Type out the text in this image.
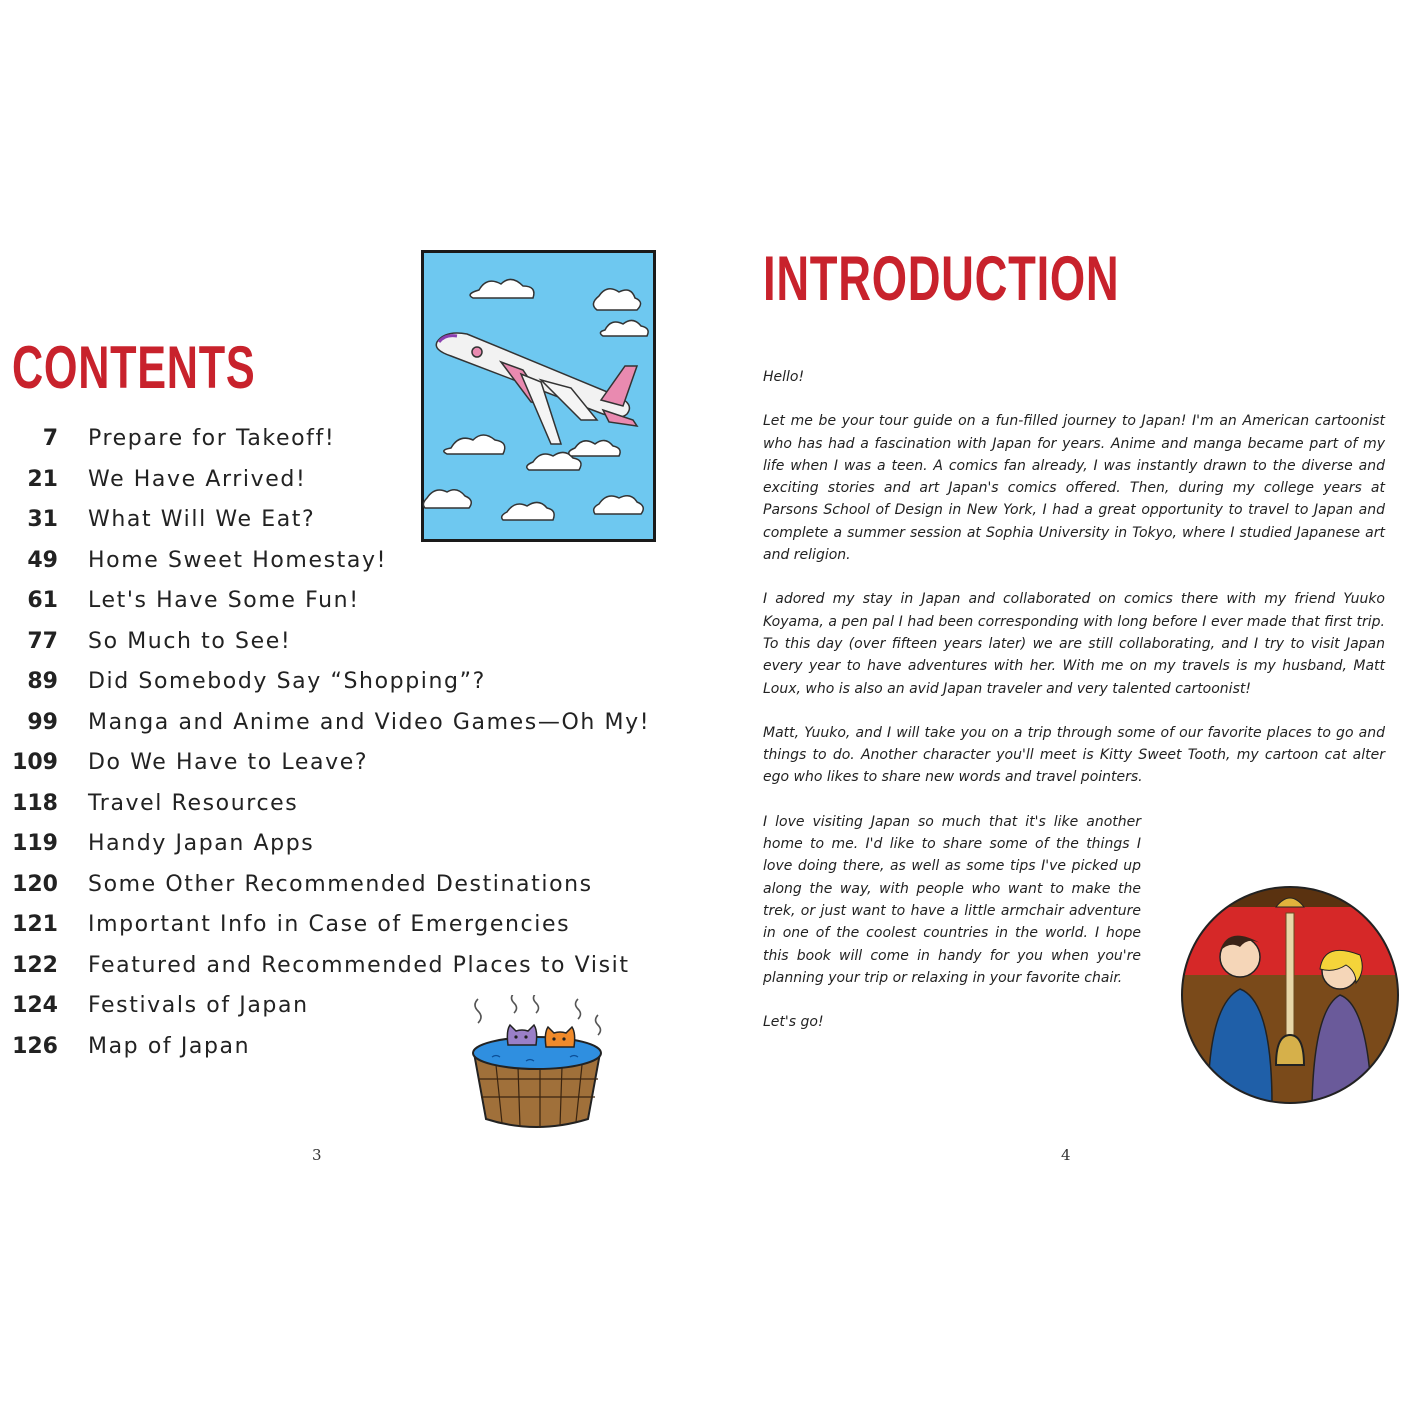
CONTENTS
7 Prepare for Takeoff!
21 We Have Arrived!
31 What Will We Eat?
49 Home Sweet Homestay!
61 Let's Have Some Fun!
77 So Much to See!
89 Did Somebody Say “Shopping”?
99 Manga and Anime and Video Games—Oh My!
109 Do We Have to Leave?
118 Travel Resources
119 Handy Japan Apps
120 Some Other Recommended Destinations
121 Important Info in Case of Emergencies
122 Featured and Recommended Places to Visit
124 Festivals of Japan
126 Map of Japan
3
INTRODUCTION

Hello!

Let me be your tour guide on a fun-filled journey to Japan! I'm an American cartoonist who has had a fascination with Japan for years. Anime and manga became part of my life when I was a teen. A comics fan already, I was instantly drawn to the diverse and exciting stories and art Japan's comics offered. Then, during my college years at Parsons School of Design in New York, I had a great opportunity to travel to Japan and complete a summer session at Sophia University in Tokyo, where I studied Japanese art and religion.

I adored my stay in Japan and collaborated on comics there with my friend Yuuko Koyama, a pen pal I had been corresponding with long before I ever made that first trip. To this day (over fifteen years later) we are still collaborating, and I try to visit Japan every year to have adventures with her. With me on my travels is my husband, Matt Loux, who is also an avid Japan traveler and very talented cartoonist!

Matt, Yuuko, and I will take you on a trip through some of our favorite places to go and things to do. Another character you'll meet is Kitty Sweet Tooth, my cartoon cat alter ego who likes to share new words and travel pointers.

I love visiting Japan so much that it's like another home to me. I'd like to share some of the things I love doing there, as well as some tips I've picked up along the way, with people who want to make the trek, or just want to have a little armchair adventure in one of the coolest countries in the world. I hope this book will come in handy for you when you're planning your trip or relaxing in your favorite chair.

Let's go!

4
